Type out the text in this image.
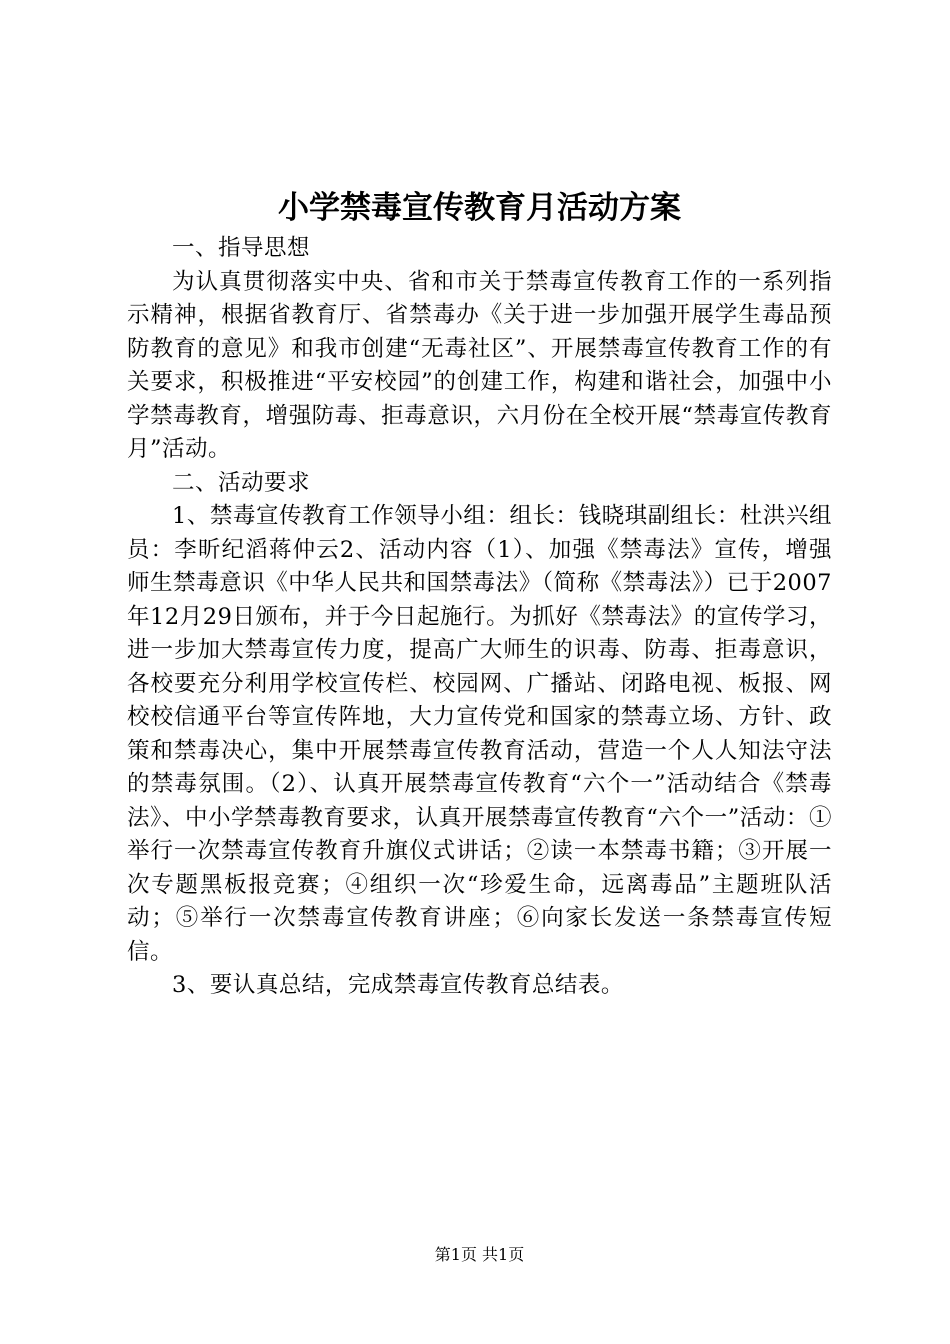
小学禁毒宣传教育月活动方案

一、指导思想

为认真贯彻落实中央、省和市关于禁毒宣传教育工作的一系列指示精神，根据省教育厅、省禁毒办《关于进一步加强开展学生毒品预防教育的意见》和我市创建“无毒社区”、开展禁毒宣传教育工作的有关要求，积极推进“平安校园”的创建工作，构建和谐社会，加强中小学禁毒教育，增强防毒、拒毒意识，六月份在全校开展“禁毒宣传教育月”活动。

二、活动要求

1、禁毒宣传教育工作领导小组：组长：钱晓琪副组长：杜洪兴组员：李昕纪滔蒋仲云2、活动内容（1）、加强《禁毒法》宣传，增强师生禁毒意识《中华人民共和国禁毒法》（简称《禁毒法》）已于2007年12月29日颁布，并于今日起施行。为抓好《禁毒法》的宣传学习，进一步加大禁毒宣传力度，提高广大师生的识毒、防毒、拒毒意识，各校要充分利用学校宣传栏、校园网、广播站、闭路电视、板报、网校校信通平台等宣传阵地，大力宣传党和国家的禁毒立场、方针、政策和禁毒决心，集中开展禁毒宣传教育活动，营造一个人人知法守法的禁毒氛围。（2）、认真开展禁毒宣传教育“六个一”活动结合《禁毒法》、中小学禁毒教育要求，认真开展禁毒宣传教育“六个一”活动：①举行一次禁毒宣传教育升旗仪式讲话；②读一本禁毒书籍；③开展一次专题黑板报竞赛；④组织一次“珍爱生命，远离毒品”主题班队活动；⑤举行一次禁毒宣传教育讲座；⑥向家长发送一条禁毒宣传短信。

3、要认真总结，完成禁毒宣传教育总结表。

第1页 共1页
